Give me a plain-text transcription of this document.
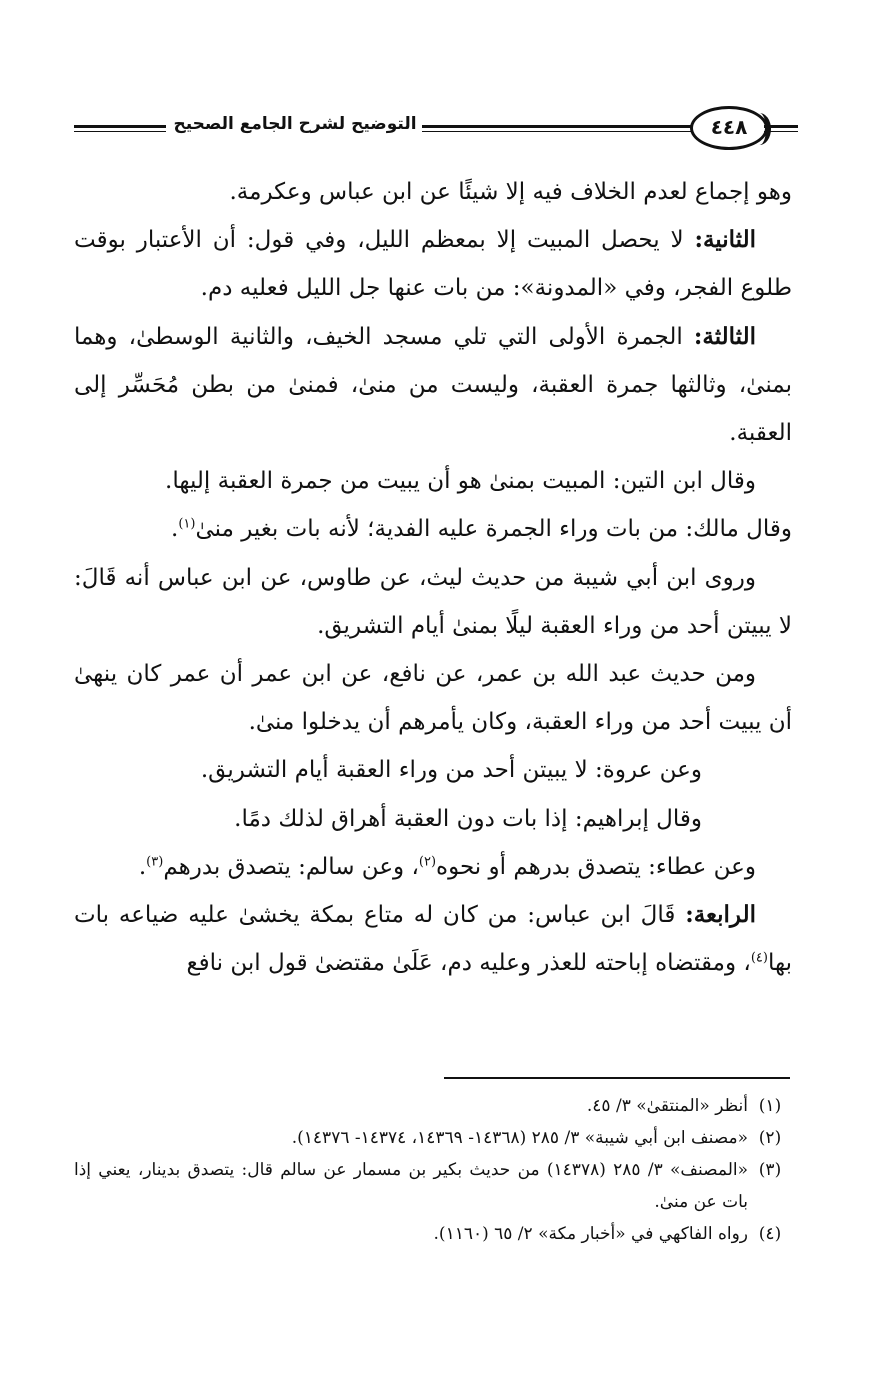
التوضيح لشرح الجامع الصحيح	٤٤٨

وهو إجماع لعدم الخلاف فيه إلا شيئًا عن ابن عباس وعكرمة.

الثانية: لا يحصل المبيت إلا بمعظم الليل، وفي قول: أن الأعتبار بوقت طلوع الفجر، وفي «المدونة»: من بات عنها جل الليل فعليه دم.

الثالثة: الجمرة الأولى التي تلي مسجد الخيف، والثانية الوسطىٰ، وهما بمنىٰ، وثالثها جمرة العقبة، وليست من منىٰ، فمنىٰ من بطن مُحَسِّر إلى العقبة.

وقال ابن التين: المبيت بمنىٰ هو أن يبيت من جمرة العقبة إليها.

وقال مالك: من بات وراء الجمرة عليه الفدية؛ لأنه بات بغير منىٰ$^{(١)}$.

وروى ابن أبي شيبة من حديث ليث، عن طاوس، عن ابن عباس أنه قَالَ: لا يبيتن أحد من وراء العقبة ليلًا بمنىٰ أيام التشريق.

ومن حديث عبد الله بن عمر، عن نافع، عن ابن عمر أن عمر كان ينهىٰ أن يبيت أحد من وراء العقبة، وكان يأمرهم أن يدخلوا منىٰ.

وعن عروة: لا يبيتن أحد من وراء العقبة أيام التشريق.

وقال إبراهيم: إذا بات دون العقبة أهراق لذلك دمًا.

وعن عطاء: يتصدق بدرهم أو نحوه$^{(٢)}$، وعن سالم: يتصدق بدرهم$^{(٣)}$.

الرابعة: قَالَ ابن عباس: من كان له متاع بمكة يخشىٰ عليه ضياعه بات بها$^{(٤)}$، ومقتضاه إباحته للعذر وعليه دم، عَلَىٰ مقتضىٰ قول ابن نافع

(١)
أنظر «المنتقىٰ» ٣/ ٤٥.
(٢)
«مصنف ابن أبي شيبة» ٣/ ٢٨٥ (١٤٣٦٨- ١٤٣٦٩، ١٤٣٧٤- ١٤٣٧٦).
(٣)
«المصنف» ٣/ ٢٨٥ (١٤٣٧٨) من حديث بكير بن مسمار عن سالم قال: يتصدق بدينار، يعني إذا بات عن منىٰ.
(٤)
رواه الفاكهي في «أخبار مكة» ٢/ ٦٥ (١١٦٠).
